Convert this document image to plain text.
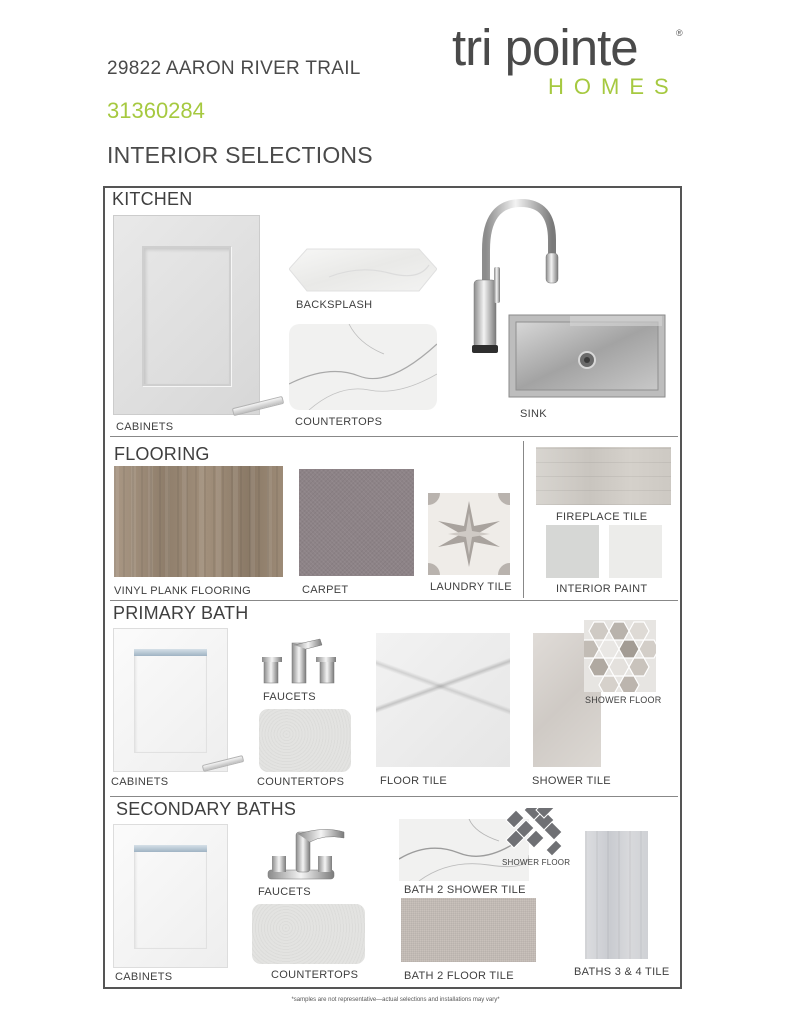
29822 AARON RIVER TRAIL
31360284
INTERIOR SELECTIONS
tri pointe	®
HOMES
KITCHEN
CABINETS
BACKSPLASH
COUNTERTOPS
SINK
FLOORING
VINYL PLANK FLOORING	CARPET	LAUNDRY TILE
FIREPLACE TILE
INTERIOR PAINT
PRIMARY BATH
CABINETS
FAUCETS
COUNTERTOPS	FLOOR TILE	SHOWER TILE
SHOWER FLOOR
SECONDARY BATHS
CABINETS
FAUCETS
COUNTERTOPS
SHOWER FLOOR
BATH 2 SHOWER TILE
BATH 2 FLOOR TILE	BATHS 3 & 4 TILE
*samples are not representative—actual selections and installations may vary*
